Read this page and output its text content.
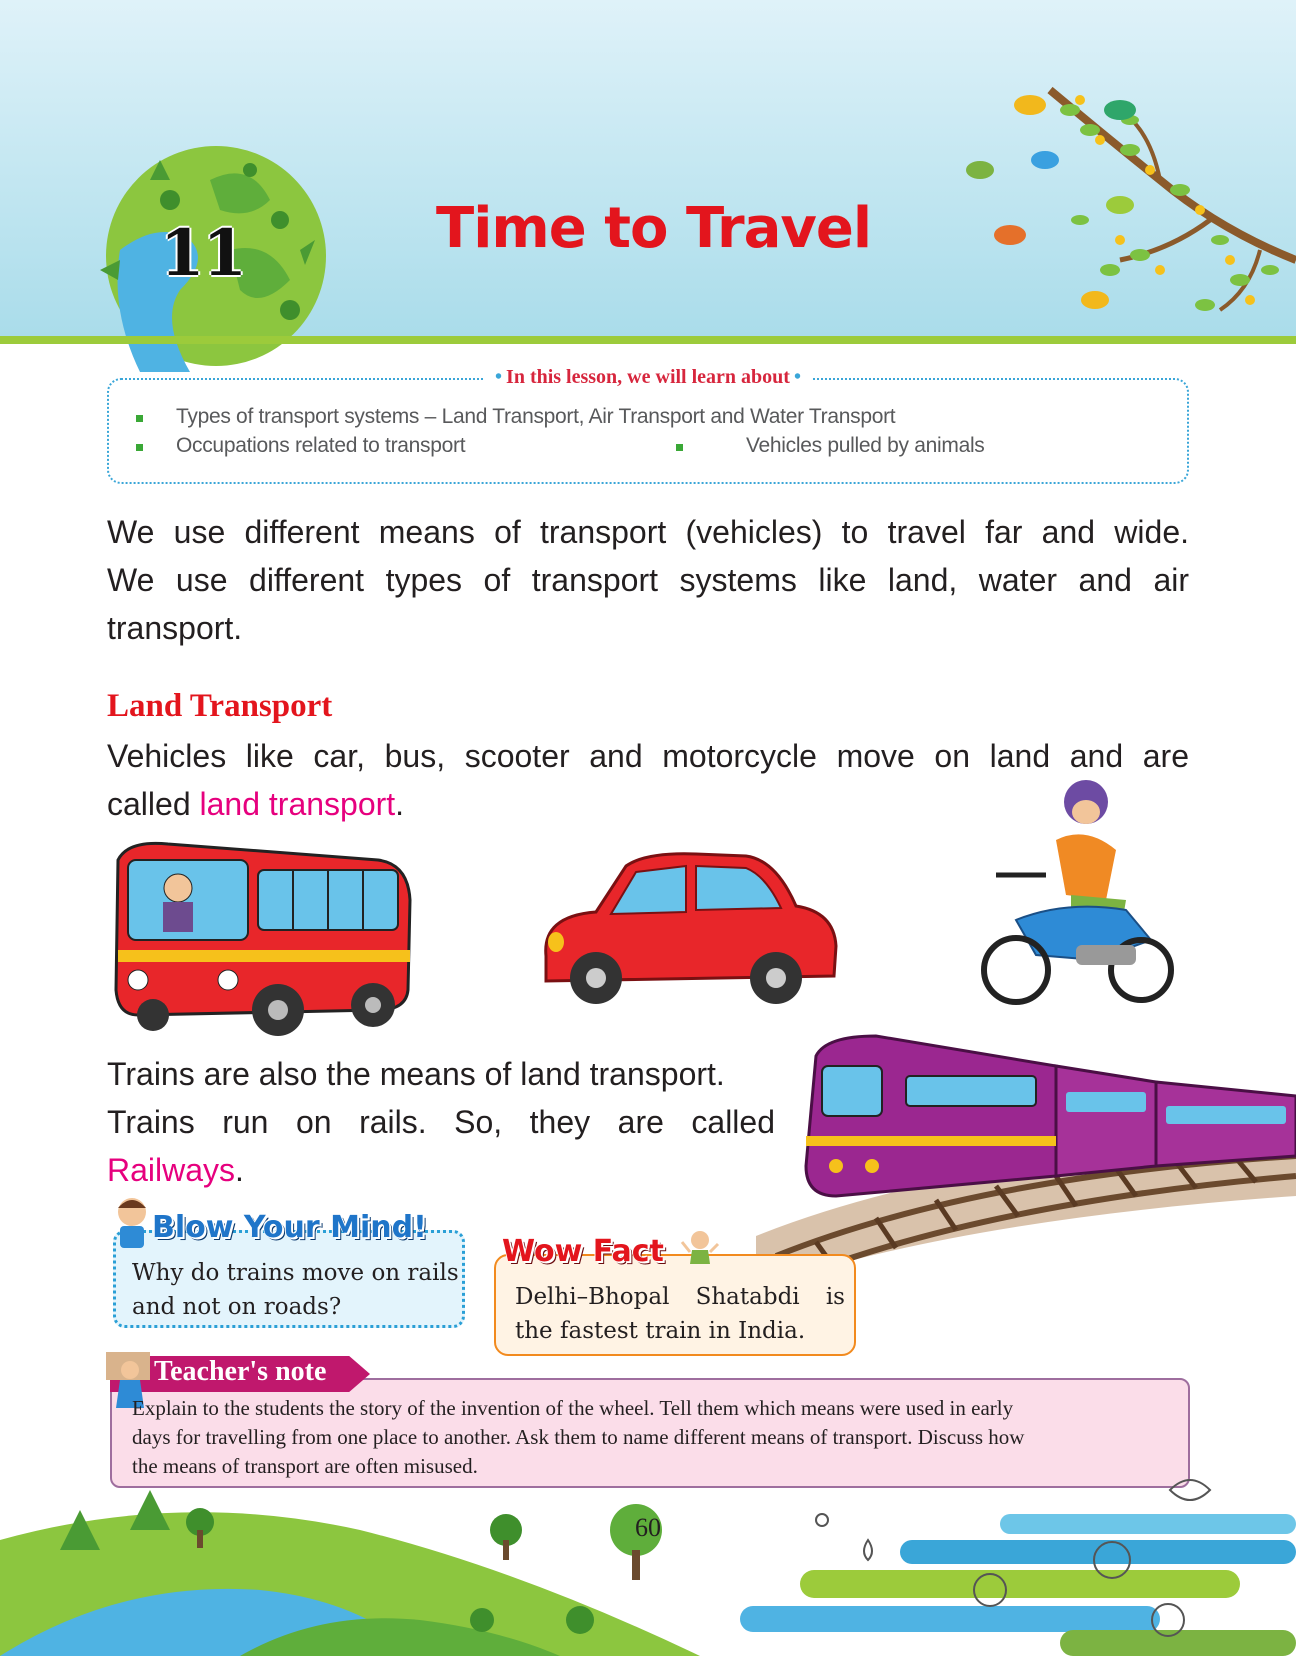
11	Time to Travel
• In this lesson, we will learn about •
Types of transport systems – Land Transport, Air Transport and Water Transport
Occupations related to transport	Vehicles pulled by animals
We use different means of transport (vehicles) to travel far and wide.
We use different types of transport systems like land, water and air
transport.
Land Transport
Vehicles like car, bus, scooter and motorcycle move on land and are
called land transport.
Trains are also the means of land transport.
Trains run on rails. So, they are called
Railways.
Blow Your Mind!
Why do trains move on rails
and not on roads?
Wow Fact
Delhi–Bhopal Shatabdi is
the fastest train in India.
Teacher's note
Explain to the students the story of the invention of the wheel. Tell them which means were used in early
days for travelling from one place to another. Ask them to name different means of transport. Discuss how
the means of transport are often misused.
60
